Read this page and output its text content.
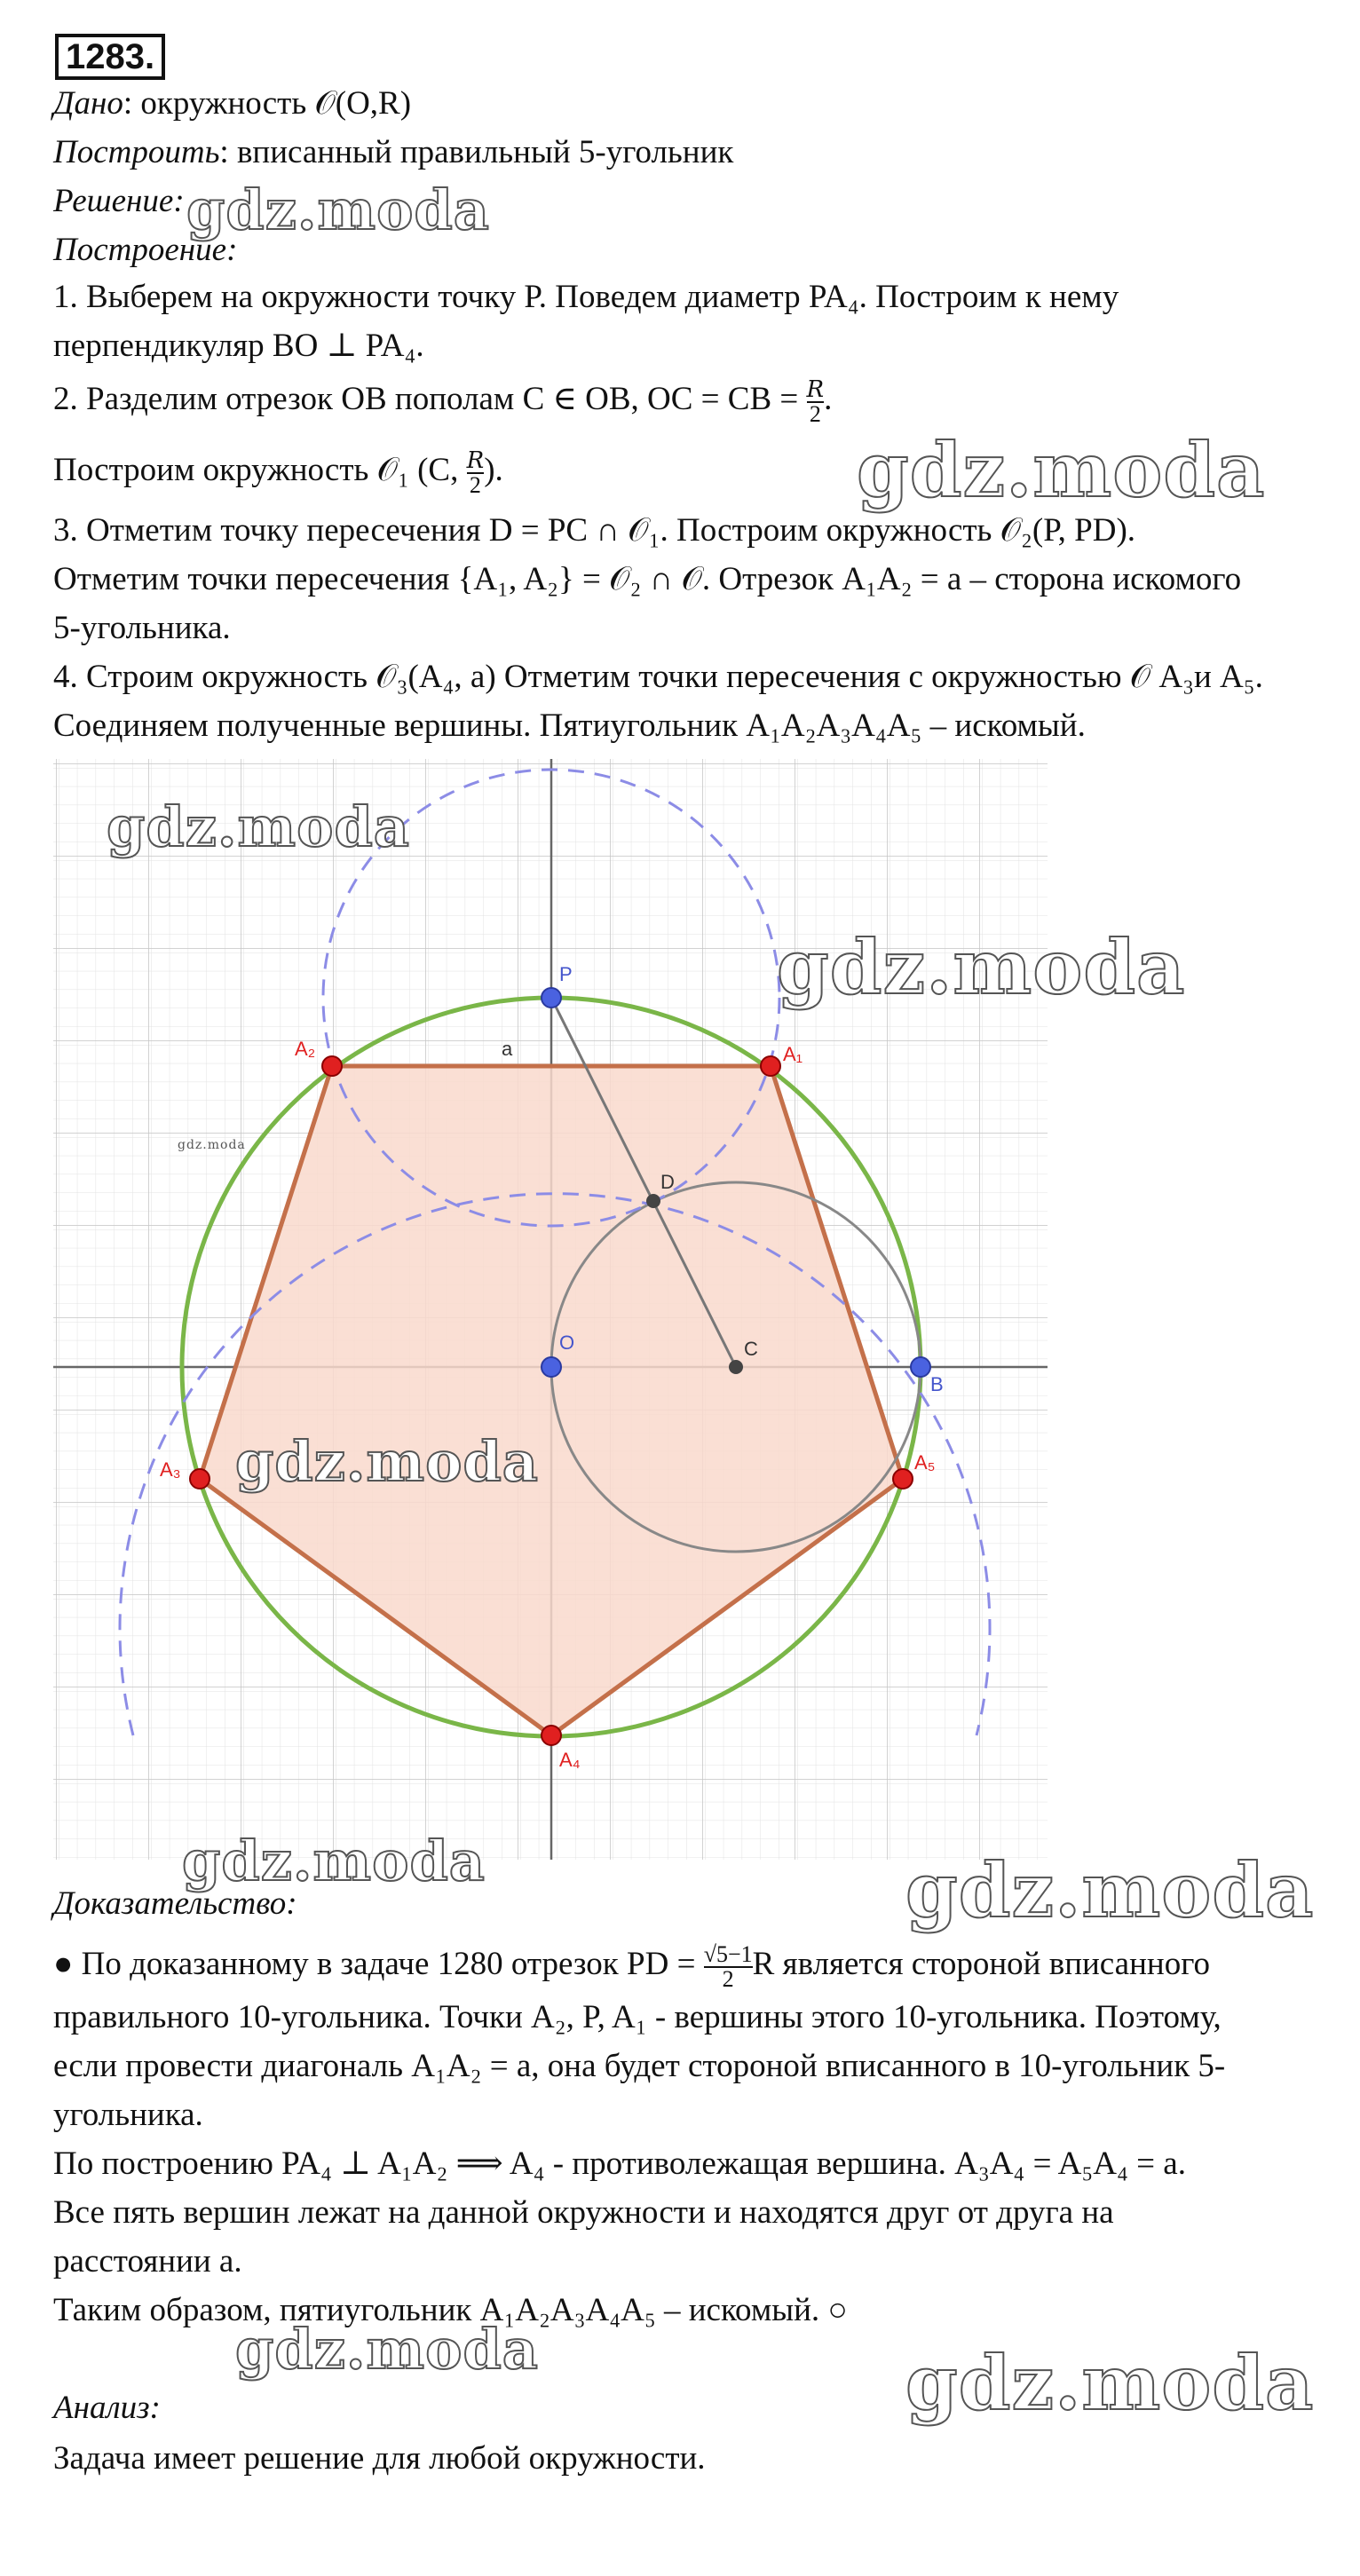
1283.
Дано: окружность 𝒪(O,R)
Построить: вписанный правильный 5-угольник
Решение:
Построение:
1. Выберем на окружности точку P. Поведем диаметр PA₄. Построим к нему
перпендикуляр BO ⊥ PA₄.
2. Разделим отрезок OB пополам C ∈ OB, OC = CB = $\frac{R}{2}$ .
Построим окружность 𝒪₁ (C, $\frac{R}{2}$ ).
3. Отметим точку пересечения D = PC ∩ 𝒪₁. Построим окружность 𝒪₂(P, PD).
Отметим точки пересечения {A₁, A₂} = 𝒪₂ ∩ 𝒪. Отрезок A₁A₂ = a – сторона искомого
5-угольника.
4. Строим окружность 𝒪₃(A₄, a) Отметим точки пересечения с окружностью 𝒪 A₃и A₅.
Соединяем полученные вершины. Пятиугольник A₁A₂A₃A₄A₅ – искомый.
P
A₁
A₂
A₃
A₄
A₅
O
B
C
D
a
Доказательство:
● По доказанному в задаче 1280 отрезок PD = $\frac{√5-1}{2}$ R является стороной вписанного
правильного 10-угольника. Точки A₂, P, A₁ - вершины этого 10-угольника. Поэтому,
если провести диагональ A₁A₂ = a, она будет стороной вписанного в 10-угольник 5-
угольника.
По построению PA₄ ⊥ A₁A₂ ⟹ A₄ - противолежащая вершина. A₃A₄ = A₅A₄ = a.
Все пять вершин лежат на данной окружности и находятся друг от друга на
расстоянии a.
Таким образом, пятиугольник A₁A₂A₃A₄A₅ – искомый. ○
Анализ:
Задача имеет решение для любой окружности.
gdz.moda
gdz.moda
gdz.moda
gdz.moda
gdz.moda
gdz.moda
gdz.moda	gdz.moda
gdz.moda	gdz.moda
